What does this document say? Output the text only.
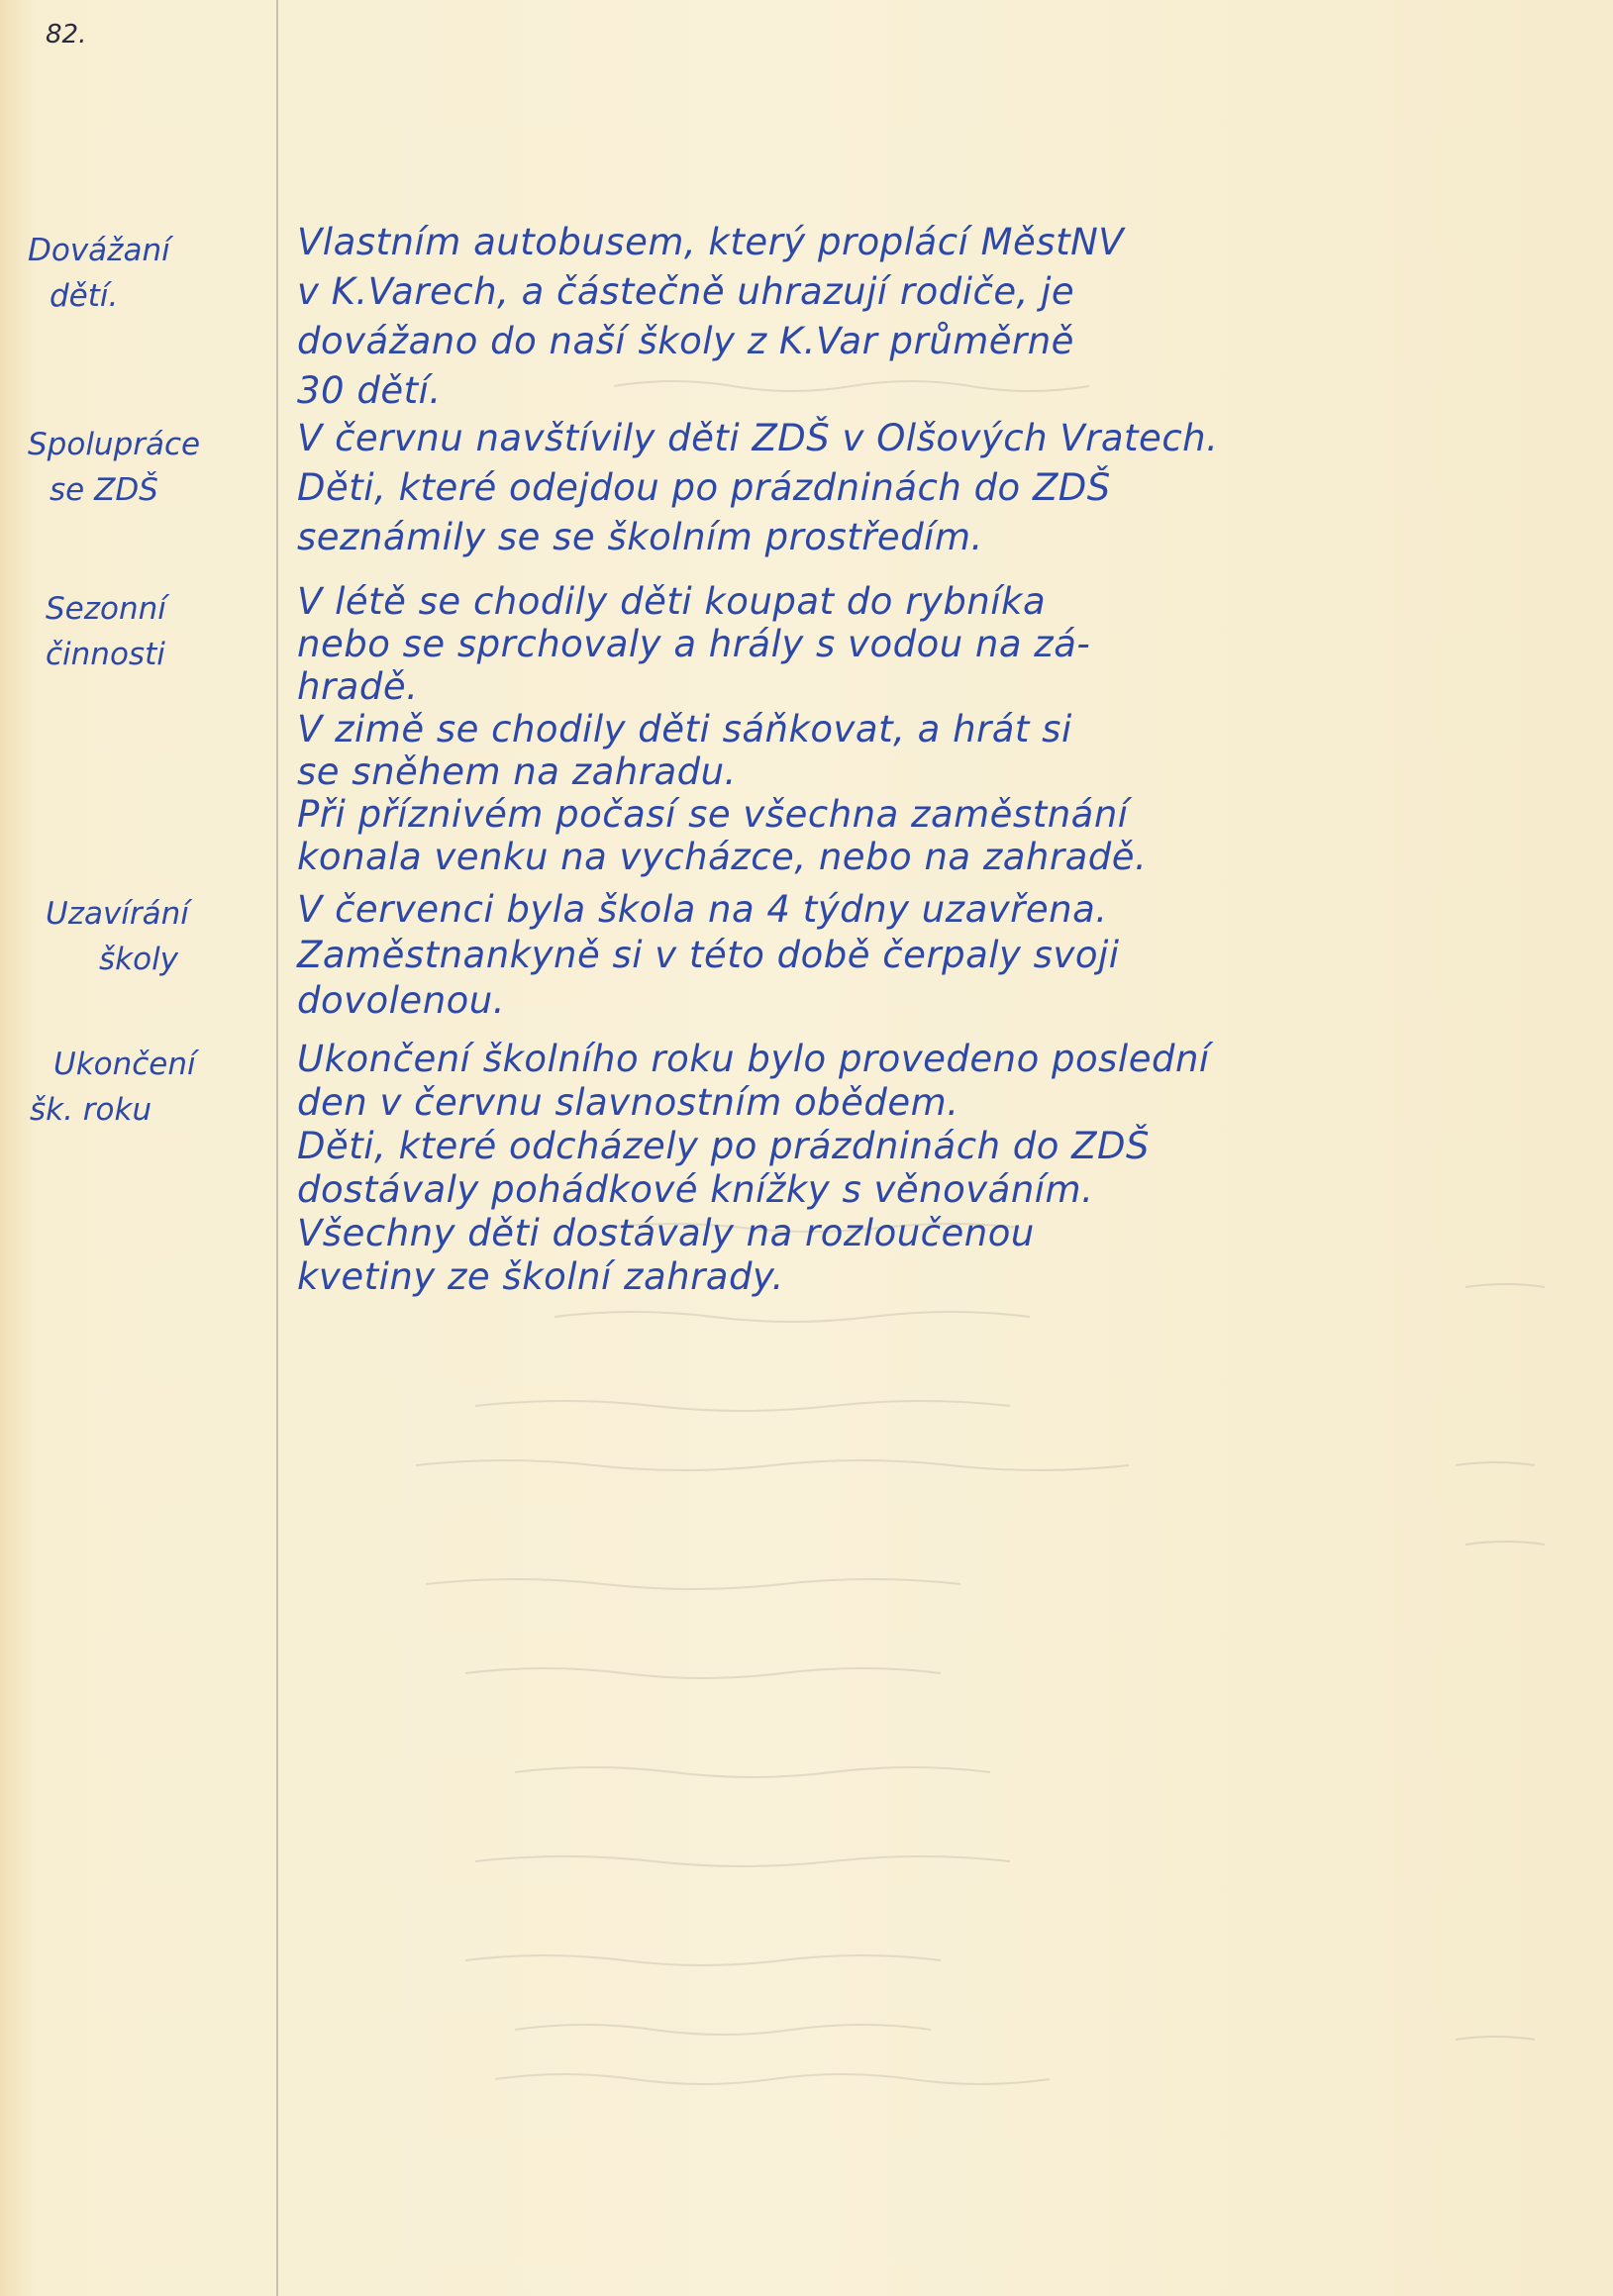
82.
Dovážaní
dětí.
Vlastním autobusem, který proplácí MěstNV
v K.Varech, a částečně uhrazují rodiče, je
dovážano do naší školy z K.Var průměrně
30 dětí.
Spolupráce
se ZDŠ
V červnu navštívily děti ZDŠ v Olšových Vratech.
Děti, které odejdou po prázdninách do ZDŠ
seznámily se se školním prostředím.
Sezonní
činnosti
V létě se chodily děti koupat do rybníka
nebo se sprchovaly a hrály s vodou na zá-
hradě.
V zimě se chodily děti sáňkovat, a hrát si
se sněhem na zahradu.
Při příznivém počasí se všechna zaměstnání
konala venku na vycházce, nebo na zahradě.
Uzavírání
školy
V červenci byla škola na 4 týdny uzavřena.
Zaměstnankyně si v této době čerpaly svoji
dovolenou.
Ukončení
šk. roku
Ukončení školního roku bylo provedeno poslední
den v červnu slavnostním obědem.
Děti, které odcházely po prázdninách do ZDŠ
dostávaly pohádkové knížky s věnováním.
Všechny děti dostávaly na rozloučenou
kvetiny ze školní zahrady.
